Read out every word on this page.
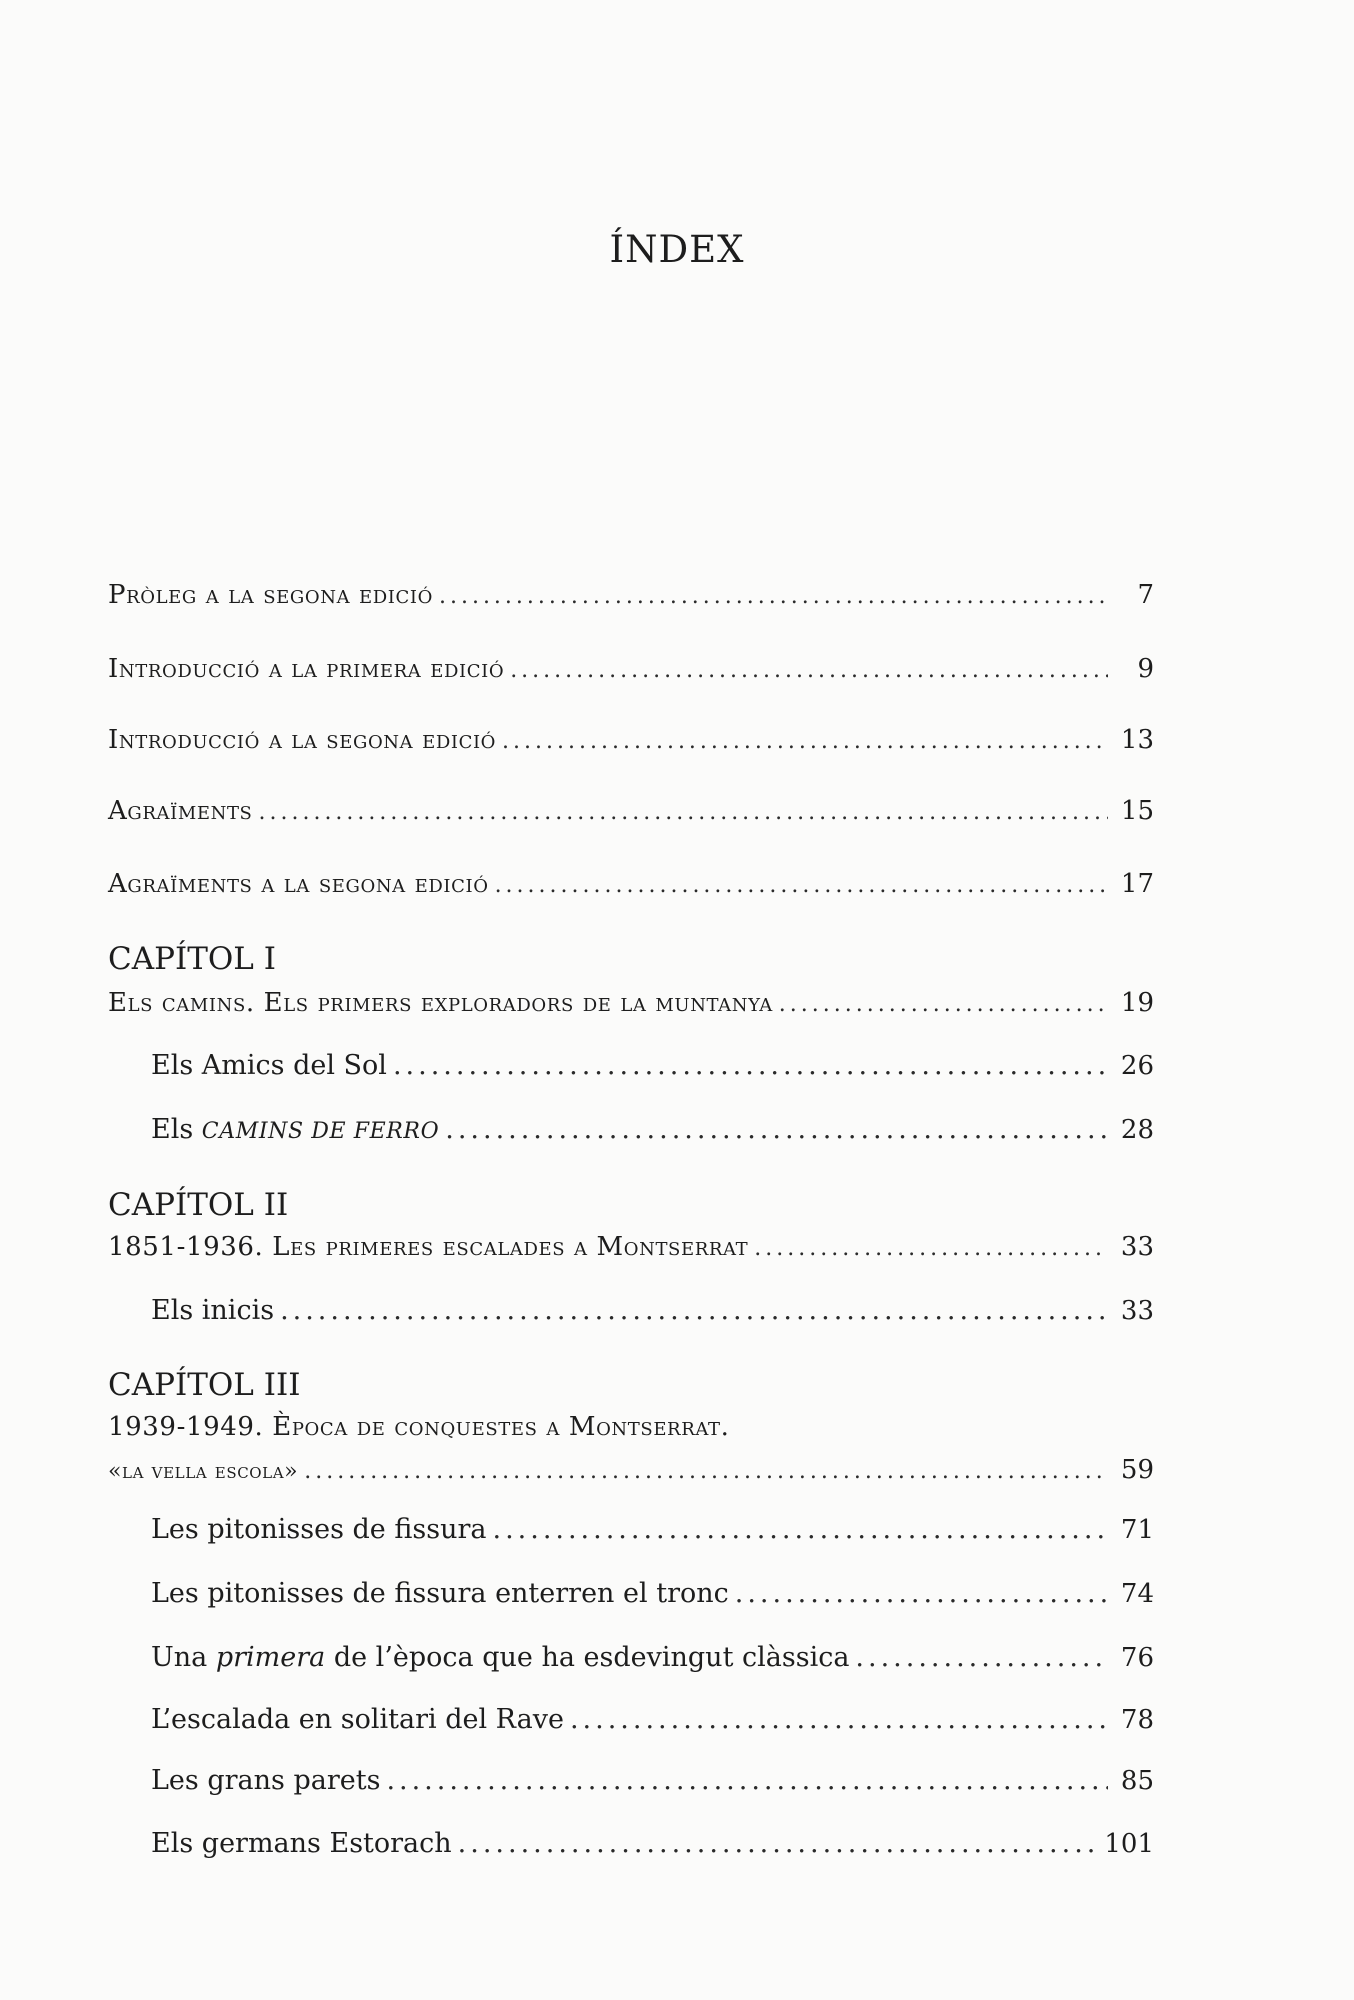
ÍNDEX
Pròleg a la segona edició .....	7
Introducció a la primera edició .....	9
Introducció a la segona edició .....	13
Agraïments .....	15
Agraïments a la segona edició .....	17
CAPÍTOL I
Els camins. Els primers exploradors de la muntanya .....	19
Els Amics del Sol .....	26
Els CAMINS DE FERRO .....	28
CAPÍTOL II
1851-1936. Les primeres escalades a Montserrat .....	33
Els inicis .....	33
CAPÍTOL III
1939-1949. Època de conquestes a Montserrat.
«la vella escola» .....	59
Les pitonisses de fissura .....	71
Les pitonisses de fissura enterren el tronc .....	74
Una primera de l’època que ha esdevingut clàssica .....	76
L’escalada en solitari del Rave .....	78
Les grans parets .....	85
Els germans Estorach .....	101
